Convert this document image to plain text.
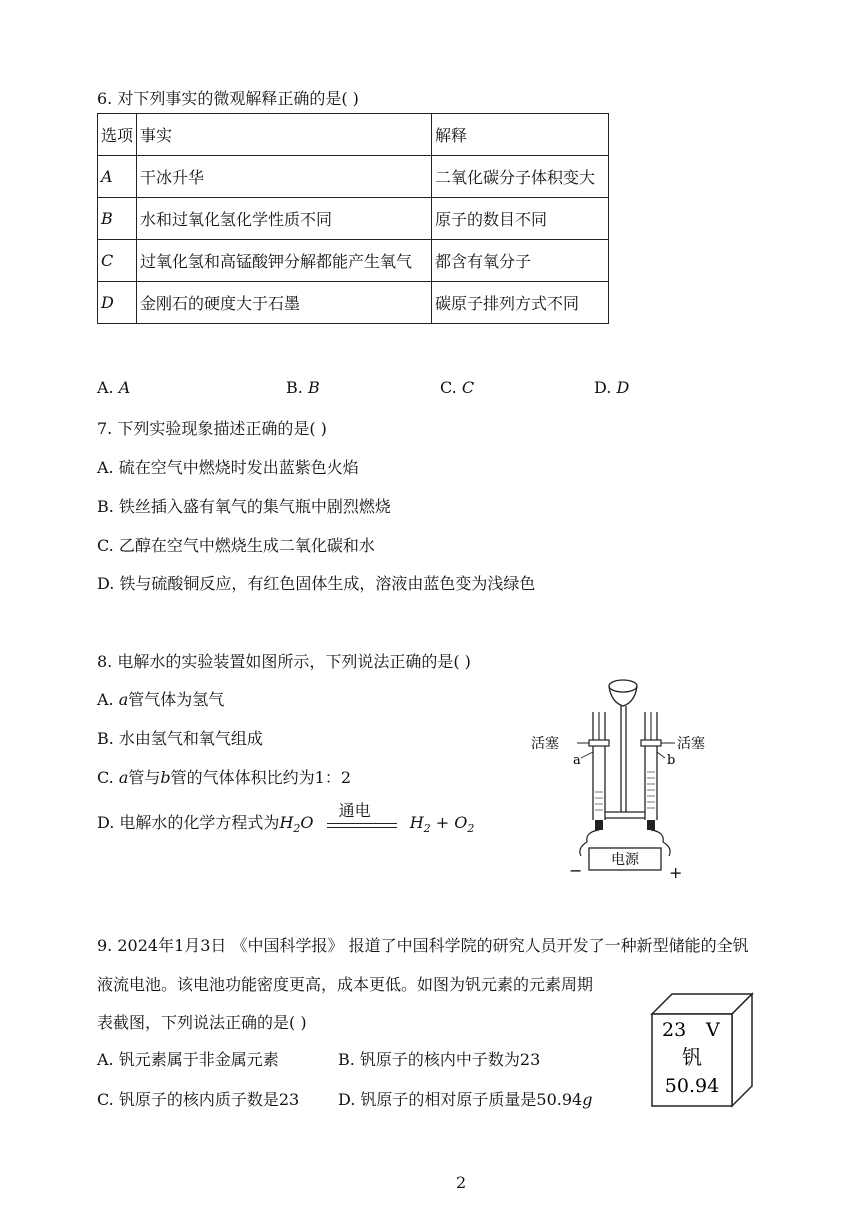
6. 对下列事实的微观解释正确的是( )
选项	事实	解释
A	干冰升华	二氧化碳分子体积变大
B	水和过氧化氢化学性质不同	原子的数目不同
C	过氧化氢和高锰酸钾分解都能产生氧气	都含有氧分子
D	金刚石的硬度大于石墨	碳原子排列方式不同
A. A	B. B	C. C	D. D
7. 下列实验现象描述正确的是( )
A. 硫在空气中燃烧时发出蓝紫色火焰
B. 铁丝插入盛有氧气的集气瓶中剧烈燃烧
C. 乙醇在空气中燃烧生成二氧化碳和水
D. 铁与硫酸铜反应，有红色固体生成，溶液由蓝色变为浅绿色
8. 电解水的实验装置如图所示，下列说法正确的是( )
A. a管气体为氢气
B. 水由氢气和氧气组成
C. a管与b管的气体体积比约为1：2
D. 电解水的化学方程式为$H_2O$
通电
$H_2 + O_2$
电源
−	+
活塞	活塞
a	b
9. 2024年1月3日 《中国科学报》 报道了中国科学院的研究人员开发了一种新型储能的全钒
液流电池。该电池功能密度更高，成本更低。如图为钒元素的元素周期
表截图，下列说法正确的是( )
A. 钒元素属于非金属元素	B. 钒原子的核内中子数为23
C. 钒原子的核内质子数是23 D. 钒原子的相对原子质量是50.94g
23 V
钒
50.94
2
